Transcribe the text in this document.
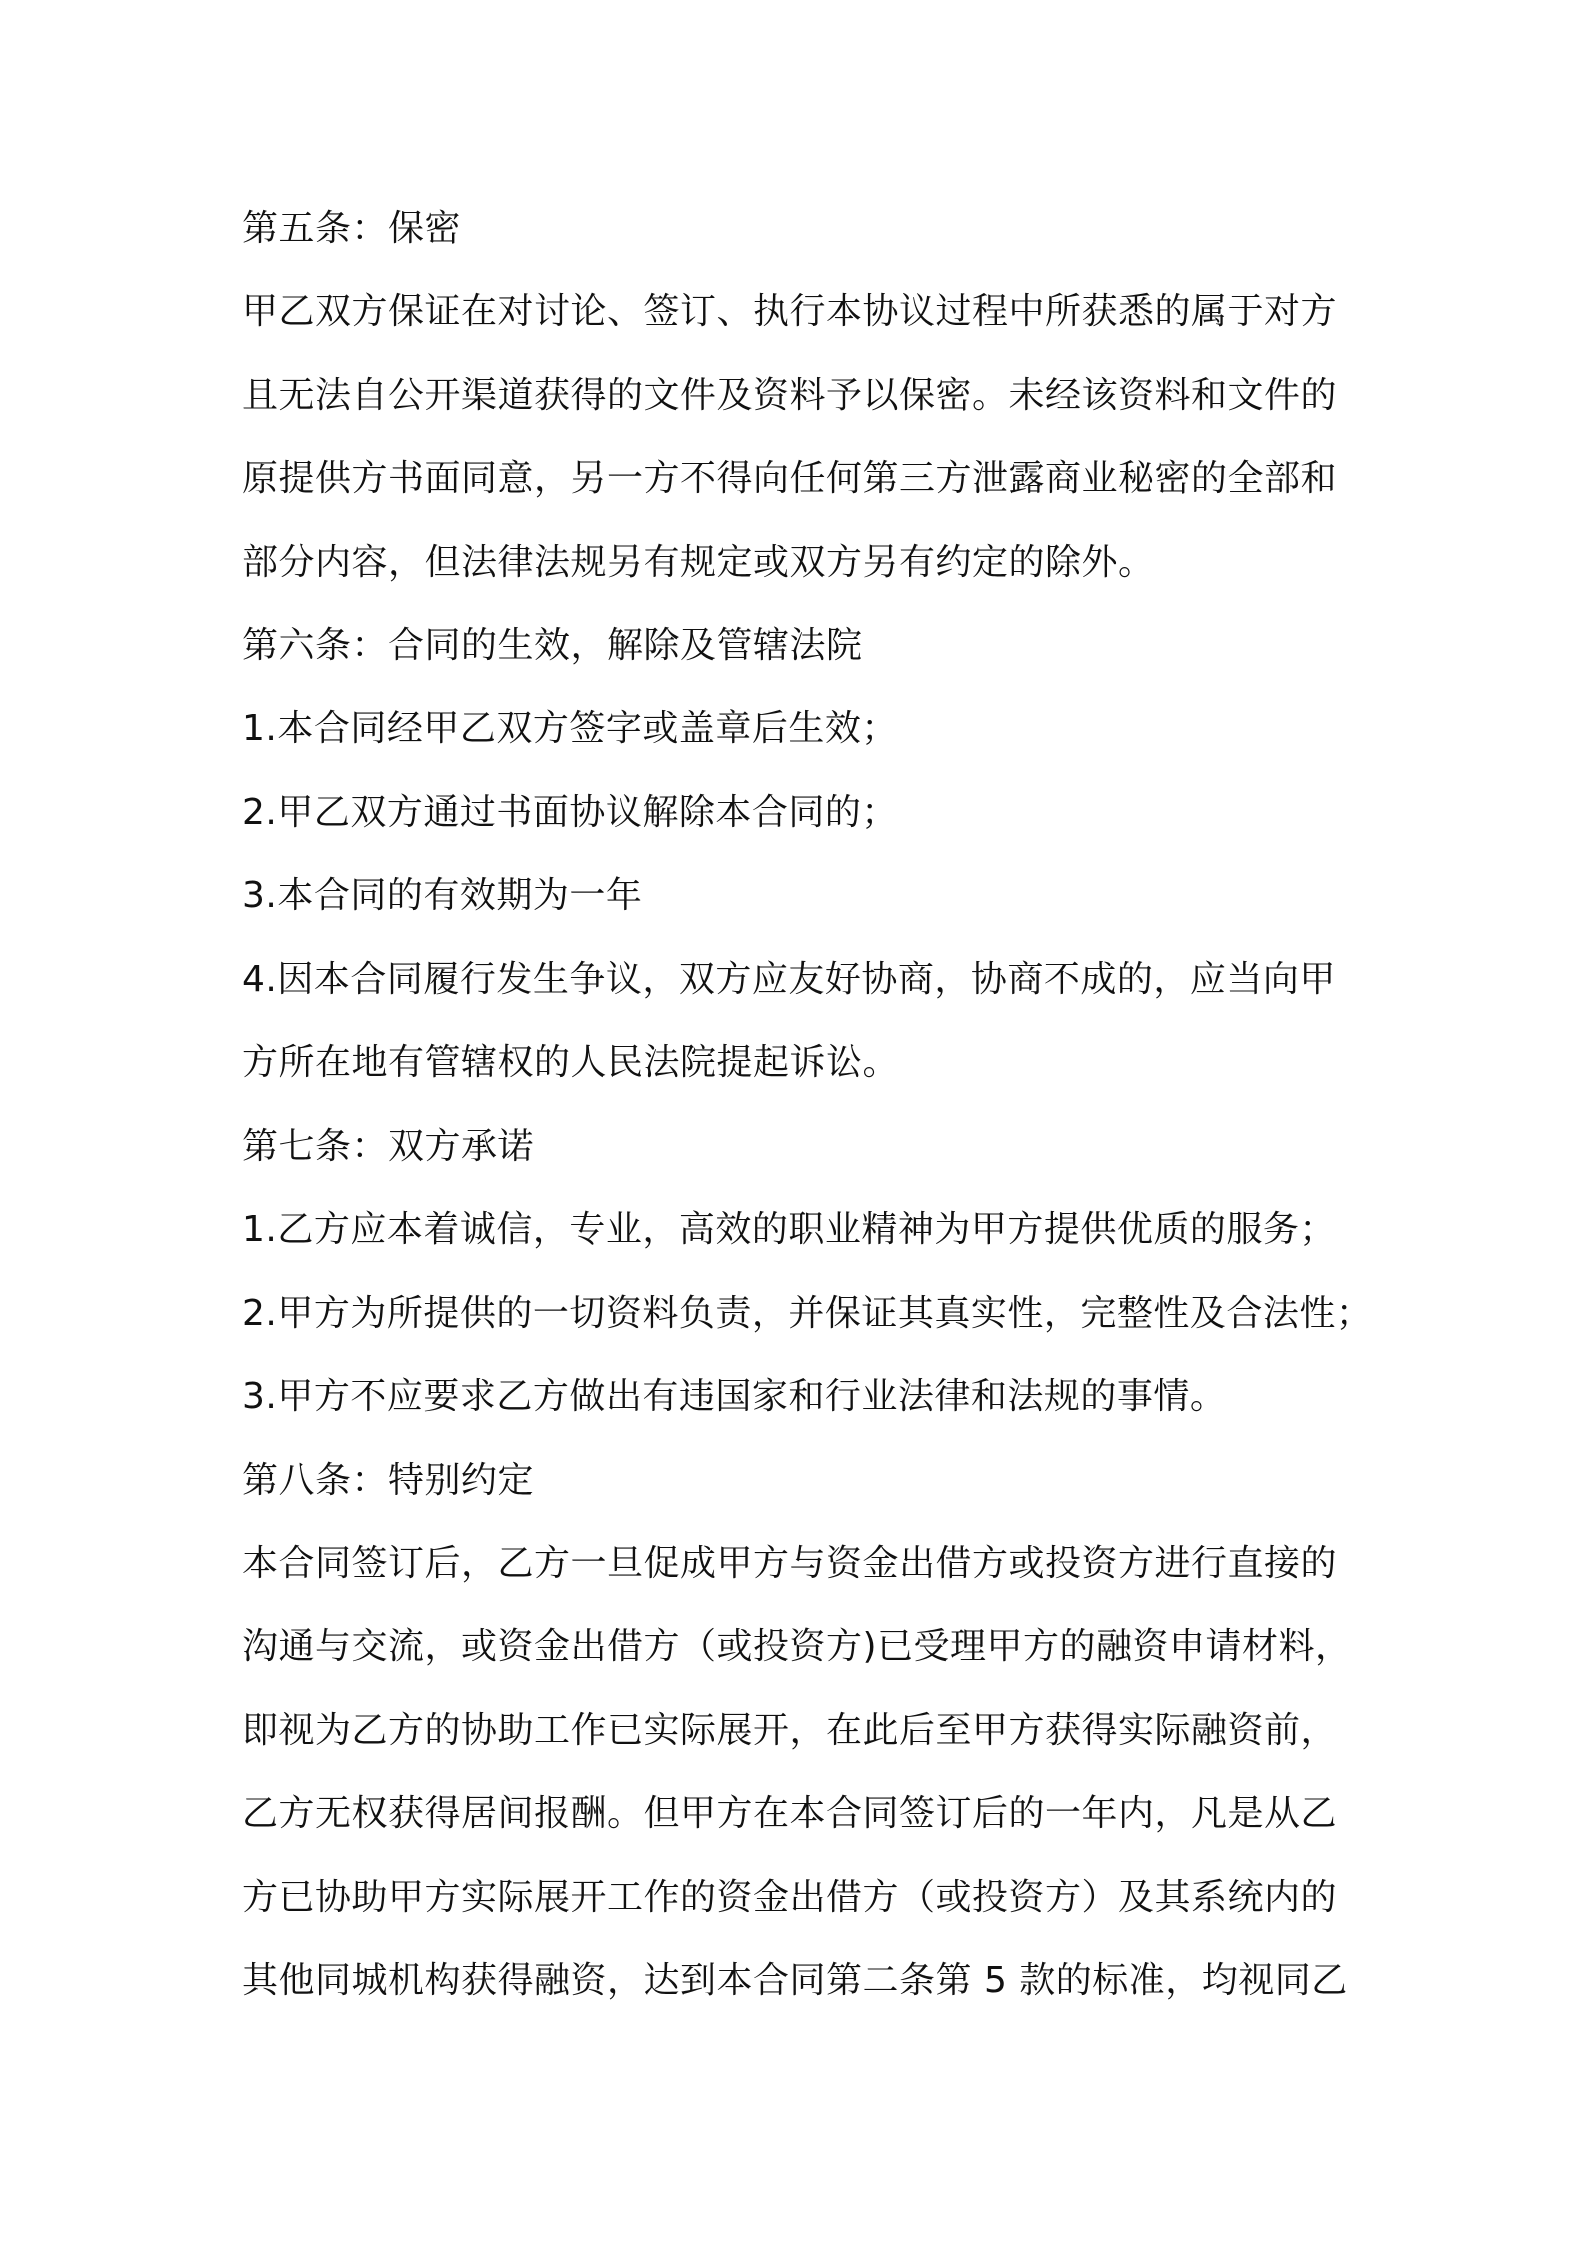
第五条：保密
甲乙双方保证在对讨论、签订、执行本协议过程中所获悉的属于对方
且无法自公开渠道获得的文件及资料予以保密。未经该资料和文件的
原提供方书面同意，另一方不得向任何第三方泄露商业秘密的全部和
部分内容，但法律法规另有规定或双方另有约定的除外。
第六条：合同的生效，解除及管辖法院
1.本合同经甲乙双方签字或盖章后生效；
2.甲乙双方通过书面协议解除本合同的；
3.本合同的有效期为一年
4.因本合同履行发生争议，双方应友好协商，协商不成的，应当向甲
方所在地有管辖权的人民法院提起诉讼。
第七条：双方承诺
1.乙方应本着诚信，专业，高效的职业精神为甲方提供优质的服务；
2.甲方为所提供的一切资料负责，并保证其真实性，完整性及合法性；
3.甲方不应要求乙方做出有违国家和行业法律和法规的事情。
第八条：特别约定
本合同签订后，乙方一旦促成甲方与资金出借方或投资方进行直接的
沟通与交流，或资金出借方（或投资方)已受理甲方的融资申请材料，
即视为乙方的协助工作已实际展开，在此后至甲方获得实际融资前，
乙方无权获得居间报酬。但甲方在本合同签订后的一年内，凡是从乙
方已协助甲方实际展开工作的资金出借方（或投资方）及其系统内的
其他同城机构获得融资，达到本合同第二条第 5 款的标准，均视同乙
